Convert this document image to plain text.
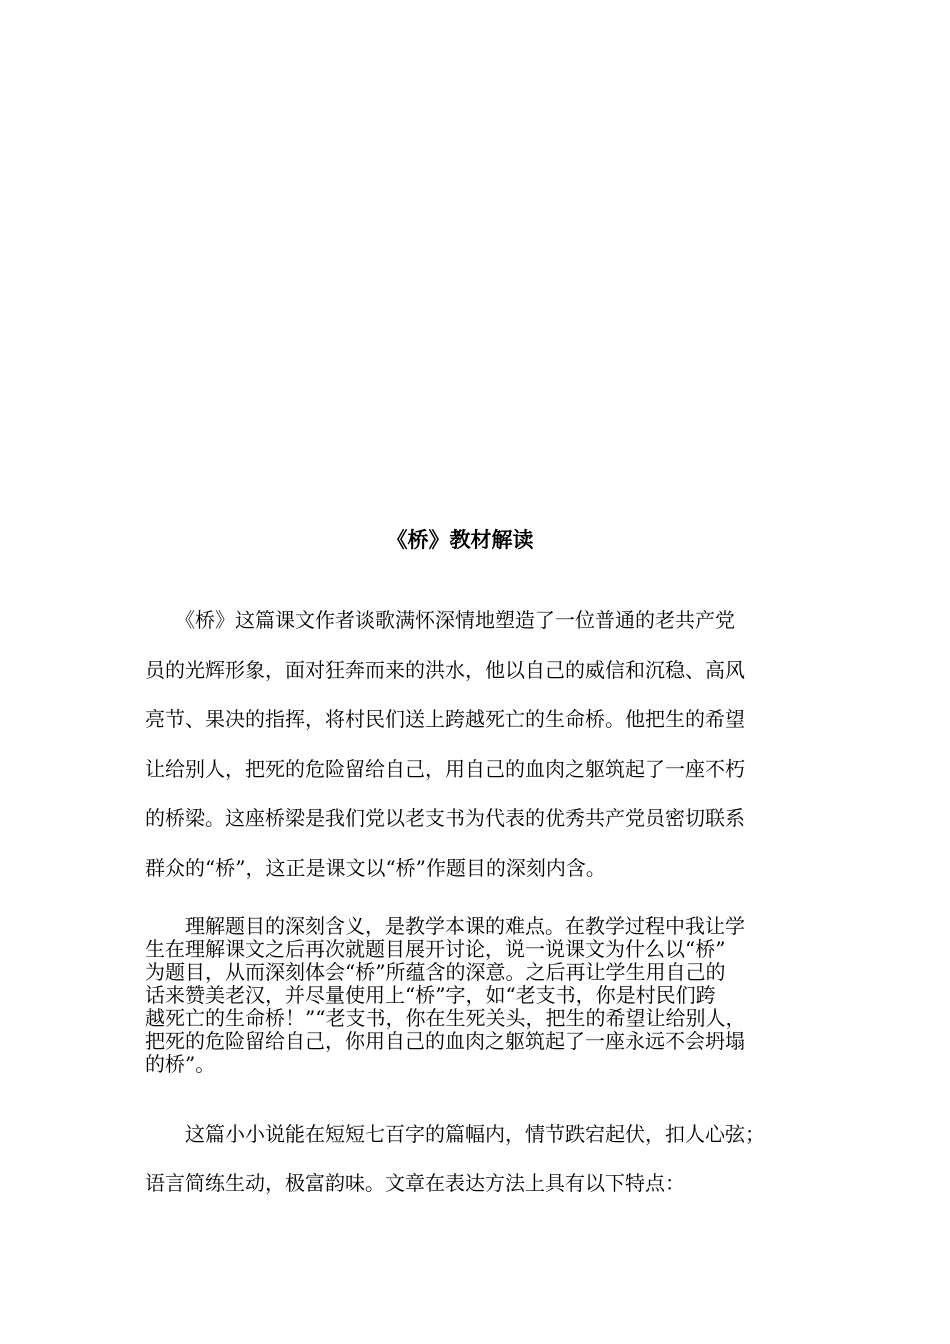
《桥》教材解读

　　《桥》这篇课文作者谈歌满怀深情地塑造了一位普通的老共产党
员的光辉形象，面对狂奔而来的洪水，他以自己的威信和沉稳、高风
亮节、果决的指挥，将村民们送上跨越死亡的生命桥。他把生的希望
让给别人，把死的危险留给自己，用自己的血肉之躯筑起了一座不朽
的桥梁。这座桥梁是我们党以老支书为代表的优秀共产党员密切联系
群众的“桥”，这正是课文以“桥”作题目的深刻内含。

　　理解题目的深刻含义，是教学本课的难点。在教学过程中我让学
生在理解课文之后再次就题目展开讨论，说一说课文为什么以“桥”
为题目，从而深刻体会“桥”所蕴含的深意。之后再让学生用自己的
话来赞美老汉，并尽量使用上“桥”字，如“老支书，你是村民们跨
越死亡的生命桥！”“老支书，你在生死关头，把生的希望让给别人，
把死的危险留给自己，你用自己的血肉之躯筑起了一座永远不会坍塌
的桥”。

　　这篇小小说能在短短七百字的篇幅内，情节跌宕起伏，扣人心弦；
语言简练生动，极富韵味。文章在表达方法上具有以下特点：
